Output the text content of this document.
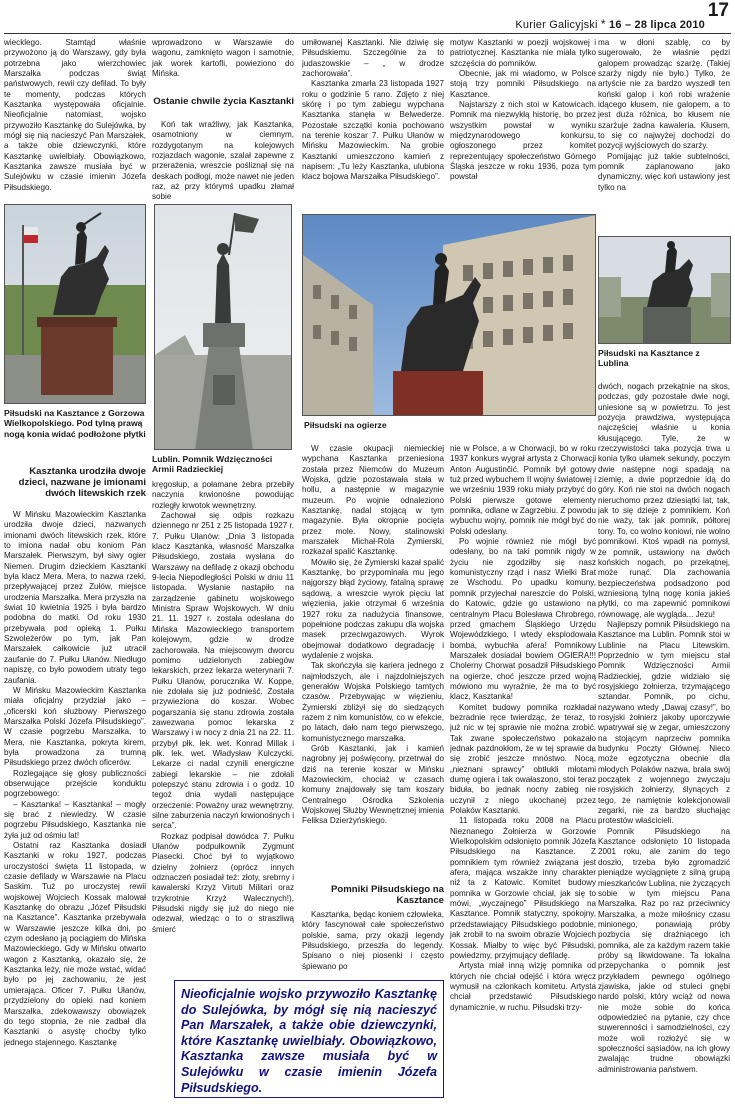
Kurier Galicyjski * 16 – 28 lipca 2010
17

wiecklego. Stamtąd właśnie przywożono ją do Warszawy, gdy była potrzebna jako wierzchowiec Marszałka podczas świąt państwowych, rewii czy defilad. To były te momenty, podczas których Kasztanka występowała oficjalnie. Nieoficjalnie natomiast, wojsko przywoziło Kasztankę do Sulejówka, by mógł się nią nacieszyć Pan Marszałek, a także obie dziewczynki, które Kasztankę uwielbiały. Obowiązkowo, Kasztanka zawsze musiała być w Sulejówku w czasie imienin Józefa Piłsudskiego.

Piłsudski na Kasztance z Gorzowa Wielkopolskiego. Pod tylną prawą nogą konia widać podłożone płytki
Kasztanka urodziła dwoje dzieci, nazwane je imionami dwóch litewskich rzek

W Mińsku Mazowieckim Kasztanka urodziła dwoje dzieci, nazwanych imionami dwóch litewskich rzek, które to imiona nadał obu koniom Pan Marszałek. Pierwszym, był siwy ogier Niemen. Drugim dzieckiem Kasztanki była klacz Mera. Mera, to nazwa rzeki, przepływającej przez Zułów, miejsce urodzenia Marszałka. Mera przyszła na świat 10 kwietnia 1925 i była bardzo podobna do matki. Od roku 1930 przebywała pod opieką 1. Pułku Szwoleżerów po tym, jak Pan Marszałek całkowicie już utracił zaufanie do 7. Pułku Ułanów. Niedługo napiszę, co było powodem utraty tego zaufania.

W Mińsku Mazowieckim Kasztanka miała oficjalny przydział jako – „oficerski koń służbowy Pierwszego Marszałka Polski Józefa Piłsudskiego”. W czasie pogrzebu Marszałka, to Mera, nie Kasztanka, pokryta kirem, była prowadzona za trumną Piłsudskiego przez dwóch oficerów.

Rozlegające się głosy publiczności obserwujące przejście konduktu pogrzebowego:

– Kasztanka! – Kasztanka! – mogły się brać z niewiedzy. W czasie pogrzebu Piłsudskiego, Kasztanka nie żyła już od ośmiu lat!

Ostatni raz Kasztanka dosiadł Kasztanki w roku 1927, podczas uroczystości święta 11 listopada, w czasie defilady w Warszawie na Placu Saskim. Tuż po uroczystej rewii wojskowej Wojciech Kossak malował Kasztankę do obrazu „Józef Piłsudski na Kasztance”. Kasztanka przebywała w Warszawie jeszcze kilka dni, po czym odesłano ją pociągiem do Mińska Mazowieckiego. Gdy w Mińsku otwarto wagon z Kasztanką, okazało się, że Kasztanka leży, nie może wstać, widać było po jej zachowaniu, że jest umierająca. Oficer 7. Pułku Ułanów, przydzielony do opieki nad koniem Marszałka, zdekowawszy obowiązek do tego stopnia, że nie zadbał dla Kasztanki o asystę choćby tylko jednego stajennego. Kasztankę

wprowadzono w Warszawie do wagonu, zamknięto wagon i samotnie, jak worek kartofli, powieziono do Mińska.

Ostanie chwile życia Kasztanki

Koń tak wrażliwy, jak Kasztanka, osamotniony w ciemnym, rozdygotanym na kolejowych rozjazdach wagonie, szalał zapewne z przerażenia, wreszcie pośliznął się na deskach podłogi, może nawet nie jeden raz, aż przy którymś upadku złamał sobie

Lublin. Pomnik Wdzięczności Armii Radzieckiej

kręgosłup, a połamane żebra przebiły naczynia krwionośne powodując rozległy krwotok wewnętrzny.

Zachował się odpis rozkazu dziennego nr 251 z 25 listopada 1927 r. 7. Pułku Ułanów: „Dnia 3 listopada klacz Kasztanka, własność Marszałka Piłsudskiego, została wysłana do Warszawy na defiladę z okazji obchodu 9-lecia Niepodległości Polski w dniu 11 listopada. Wysłanie nastąpiło na zarządzenie gabinetu wojskowego Ministra Spraw Wojskowych. W dniu 21. 11. 1927 r. została odesłana do Mińska Mazowieckiego transportem kolejowym, gdzie w drodze zachorowała. Na miejscowym dworcu pomimo udzielonych zabiegów lekarskich, przez lekarza weterynarii 7. Pułku Ułanów, porucznika W. Koppe, nie zdołała się już podnieść. Została przywieziona do koszar. Wobec pogarszania się stanu zdrowia została zawezwana pomoc lekarska z Warszawy i w nocy z dnia 21 na 22. 11. przybył płk. lek. wet. Konrad Millak i płk. lek. wet. Władysław Kulczycki. Lekarze ci nadal czynili energiczne zabiegi lekarskie – nie zdołali polepszyć stanu zdrowia i o godz. 10 tegoż dnia wydali następujące orzeczenie: Poważny uraz wewnętrzny, silne zaburzenia naczyń krwionośnych i serca”.

Rozkaz podpisał dowódca 7. Pułku Ułanów podpułkownik Zygmunt Piasecki. Choć był to wyjątkowo dzielny żołnierz (oprócz innych odznaczeń posiadał też: złoty, srebrny i kawalerski Krzyż Virtuti Militari oraz trzykrotnie Krzyż Walecznych!), Piłsudski nigdy się już do niego nie odezwał, wiedząc o to o straszliwą śmierć

umiłowanej Kasztanki. Nie dziwię się Piłsudskiemu. Szczególnie za to judaszowskie – „ w drodze zachorowała”.

Kasztanka zmarła 23 listopada 1927 roku o godzinie 5 rano. Zdjęto z niej skórę i po tym zabiegu wypchana Kasztanka stanęła w Belwederze. Pozostałe szczątki konia pochowano na terenie koszar 7. Pułku Ułanów w Mińsku Mazowieckim. Na grobie Kasztanki umieszczono kamień z napisem: „Tu leży Kasztanka, ulubiona klacz bojowa Marszałka Piłsudskiego”.

Piłsudski na ogierze

W czasie okupacji niemieckiej wypchana Kasztanka przeniesiona została przez Niemców do Muzeum Wojska, gdzie pozostawała stała w hollu, a następnie w magazynie muzeum. Po wojnie odnaleziono Kasztankę, nadal stojącą w tym magazynie. Była okropnie pocięta przez mole. Nowy, stalinowski marszałek Michał-Rola Żymierski, rozkazał spalić Kasztankę.

Mówiło się, że Żymierski kazał spalić Kasztankę, bo przypominała mu jego najgorszy błąd życiowy, fatalną sprawę sądową, a wreszcie wyrok pięciu lat więzienia, jakie otrzymał 6 września 1927 roku za nadużycia finansowe, popełnione podczas zakupu dla wojska masek przeciwgazowych. Wyrok obejmował dodatkowo degradację i wydalenie z wojska.

Tak skończyła się kariera jednego z najmłodszych, ale i najzdolniejszych generałów Wojska Polskiego tamtych czasów. Przebywając w więzieniu, Żymierski zbliżył się do siedzących razem z nim komunistów, co w efekcie, po latach, dało nam tego pierwszego, komunistycznego marszałka.

Grób Kasztanki, jak i kamień nagrobny jej poświęcony, przetrwał do dziś na terenie koszar w Mińsku Mazowieckim, chociaż w czasach komuny znajdowały się tam koszary Centralnego Ośrodka Szkolenia Wojskowej Służby Wewnętrznej imienia Feliksa Dzierżyńskiego.

Pomniki Piłsudskiego na Kasztance

Kasztanka, będąc koniem człowieka, który fascynował całe społeczeństwo polskie, sama, przy okazji legendy Piłsudskiego, przeszła do legendy. Spisano o niej piosenki i często śpiewano po

motyw Kasztanki w poezji wojskowej i patriotycznej. Kasztanka nie miała tylko szczęścia do pomników.

Obecnie, jak mi wiadomo, w Polsce stoją trzy pomniki Piłsudskiego na Kasztance.

Najstarszy z nich stoi w Katowicach. Pomnik ma niezwykłą historię, bo przez wszystkim powstał w wyniku międzynarodowego konkursu, ogłoszonego przez komitet reprezentujący społeczeństwo Górnego Śląska jeszcze w roku 1936, poza tym powstał

nie w Polsce, a w Chorwacji, bo w roku 1937 konkurs wygrał artysta z Chorwacji Anton Augustinčić. Pomnik był gotowy tuż przed wybuchem II wojny światowej i we wrześniu 1939 roku miały przybyć do Polski pierwsze gotowe elementy pomnika, odlane w Zagrzebiu. Z powodu wybuchu wojny, pomnik nie mógł być do Polski odesłany.

Po wojnie również nie mógł być odesłany, bo na taki pomnik nigdy w życiu nie zgodziłby się nasz komunistyczny rząd i nasz Wielki Brat ze Wschodu. Po upadku komuny, pomnik przyjechał nareszcie do Polski, do Katowic, gdzie go ustawiono na centralnym Placu Bolesława Chrobrego, przed gmachem Śląskiego Urzędu Wojewódzkiego. I wtedy eksplodowała bomba, wybuchła afera! Pomnikowy Marszałek dosiadał bowiem OGIERA!!! Cholerny Chorwat posadził Piłsudskiego na ogierze, choć jeszcze przed wojną mówiono mu wyraźnie, że ma to być klacz, Kasztanka!

Komitet budowy pomnika rozkładał bezradnie ręce twierdząc, że teraz, to już nic w tej sprawie nie można zrobić. Tak zwane społeczeństwo pokazało jednak pazdnokłom, że w tej sprawie da się zrobić jeszcze mnóstwo. Nocą, „nieznani sprawcy” obtłukli młotami dumę ogiera i tak owałaszono, stoi teraz biduła, bo jednak nocny zabieg nie uczynił z niego ukochanej przez Polaków Kasztanki.

11 listopada roku 2008 na Placu Nieznanego Żołnierza w Gorzowie Wielkopolskim odsłonięto pomnik Józefa Piłsudskiego na Kasztance. Z pomnikiem tym również związana jest afera, mająca wszakże inny charakter niż ta z Katowic. Komitet budowy pomnika w Gorzowie chciał, jak się to mówi, „wyczajnego” Piłsudskiego na Kasztance. Pomnik statyczny, spokojny, przedstawiający Piłsudskiego podobnie, jak zrobił to na swoim obrazie Wojciech Kossak. Miałby to więc być Piłsudski, powiedzmy, przyjmujący defiladę.

Artysta miał inną wizję pomnika od których nie chciał odejść i która wręcz wymusił na członkach komitetu. Artysta chciał przedstawić Piłsudskiego dynamicznie, w ruchu. Piłsudski trzy-

ma w dłoni szablę, co by sugerowało, że właśnie pędzi galopem prowadząc szarżę. (Takiej szarży nigdy nie było.) Tylko, że artyście nie za bardzo wyszedł ten koński galop i koń robi wrażenie idącego kłusem, nie galopem, a to jest duża różnica, bo kłusem nie szarżuje żadna kawaleria. Kłusem, to się co najwyżej dochodzi do pozycji wyjściowych do szarży.

Pomijając już takie subtelności, pomnik zaplanowano jako dynamiczny, więc koń ustawiony jest tylko na

Piłsudski na Kasztance z Lublina

dwóch, nogach przekątnie na skos, podczas, gdy pozostałe dwie nogi, uniesione są w powietrzu. To jest pozycja prawdziwa, występująca najczęściej właśnie u konia kłusującego. Tyle, że w rzeczywistości taka pozycja trwa u konia tylko ułamek sekundy, poczym dwie następne nogi spadają na ziemię, a dwie poprzednie idą do góry. Koń nie stoi na dwóch nogach nieruchomo przez dziesiątki lat, tak, jak to się dzieje z pomnikiem. Koń nie waży, tak jak pomnik, półtorej tony. To, co wolno koniowi, nie wolno pomnikowi. Ktoś wpadł na pomysł, że pomnik, ustawiony na dwóch końskich nogach, po przekątnej, może runąć. Dla zachowania bezpieczeństwa podsadzono pod wzniesioną tylną nogę konia jakieś płytki, co ma zapewnić pomnikowi równowagę, ale wygląda... Jezu!

Najlepszy pomnik Piłsudskiego na Kasztance ma Lublin. Pomnik stoi w Lublinie na Placu Litewskim. Poprzednio w tym miejscu stał Pomnik Wdzięczności Armii Radzieckiej, gdzie widziało się rosyjskiego żołnierza, trzymającego sztandar. Pomnik, po cichu, nazywano wtedy „Dawaj czasy!”, bo rosyjski żołnierz jakoby uporczywie wpatrywał się w zegar, umieszczony na stojącym naprzeciw pomnika budynku Poczty Głównej. Nieco może egzotyczna obecnie dla młodych Polaków nazwa, brała swój początek z wojennego zwyczaju rosyjskich żołnierzy, ślynących z tego, że namiętnie kolekcjonowali zegarki, nie za bardzo słuchając protestów właścicieli.

Pomnik Piłsudskiego na Kasztance odsłonięto 10 listopada 2001 roku, ale zanim do tego doszło, trzeba było zgromadzić pieniądze wyciągnięte z silną grupą mieszkańców Lublina, nie życzących sobie w tym miejscu Pana Marszałka. Raz po raz przeciwnicy Marszałka, a może miłośnicy czasu minionego, ponawiają próby pozbycia się drażniącego ich pomnika, ale za każdym razem takie próby są likwidowane. Ta lokalna przepychanka o pomnik jest przykładem pewnego ogólnego zjawiska, jakie od stuleci gnębi nardo polski, który wciąż od nowa nie może sobie do końca odpowiedzieć na pytanie, czy chce suwerenności i samodzielności, czy może woli rozłożyć się w społeczności sąsiadów, na ich głowy zwalając trudne obowiązki administrowania państwem.

Nieoficjalnie wojsko przywoziło Kasztankę do Sulejówka, by mógł się nią nacieszyć Pan Marszałek, a także obie dziewczynki, które Kasztankę uwielbiały. Obowiązkowo, Kasztanka zawsze musiała być w Sulejówku w czasie imienin Józefa Piłsudskiego.
